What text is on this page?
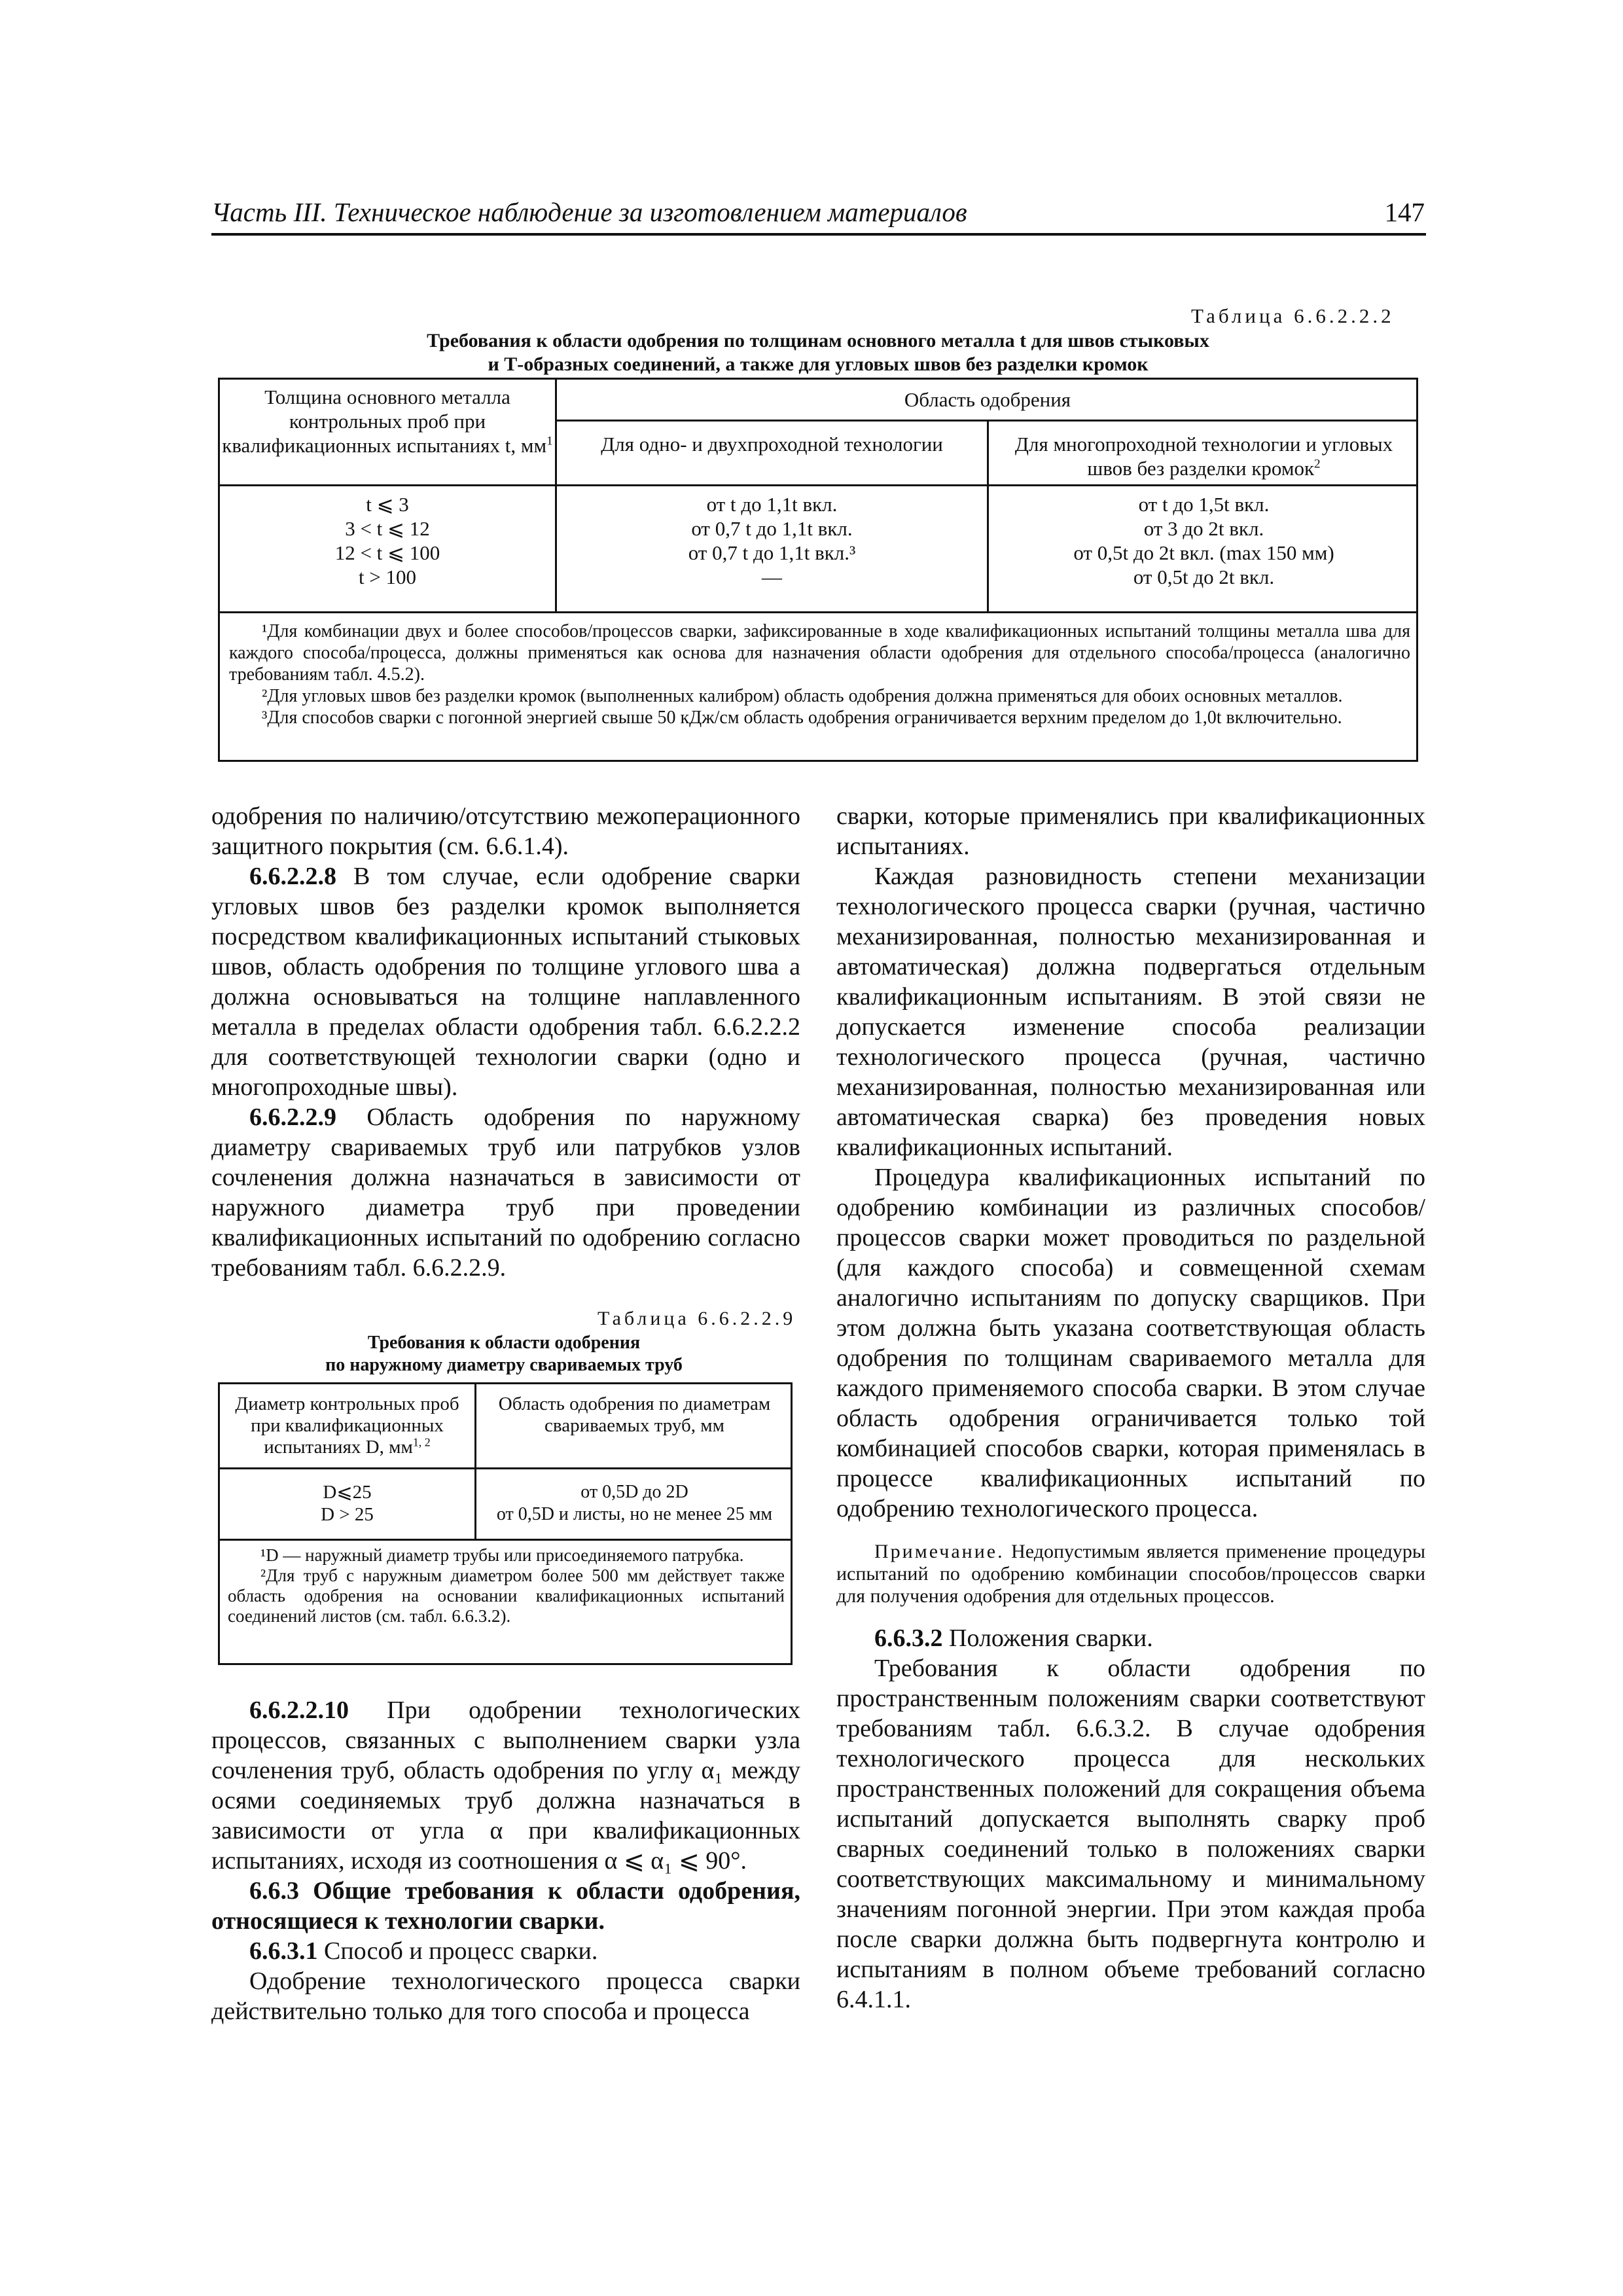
Часть III. Техническое наблюдение за изготовлением материалов	147
Таблица 6.6.2.2.2
Требования к области одобрения по толщинам основного металла t для швов стыковых
и Т-образных соединений, а также для угловых швов без разделки кромок
Толщина основного металла контрольных проб при квалификационных испытаниях t, $мм^1$
Область одобрения
Для одно- и двухпроходной технологии	Для многопроходной технологии и угловых швов без разделки кромок$^2$
t ⩽ 3
3 < t ⩽ 12
12 < t ⩽ 100
t > 100
от t до 1,1t вкл.
от 0,7 t до 1,1t вкл.
от 0,7 t до 1,1t вкл.³
—
от t до 1,5t вкл.
от 3 до 2t вкл.
от 0,5t до 2t вкл. (max 150 мм)
от 0,5t до 2t вкл.

¹Для комбинации двух и более способов/процессов сварки, зафиксированные в ходе квалификационных испытаний толщины металла шва для каждого способа/процесса, должны применяться как основа для назначения области одобрения для отдельного способа/процесса (аналогично требованиям табл. 4.5.2).

²Для угловых швов без разделки кромок (выполненных калибром) область одобрения должна применяться для обоих основных металлов.

³Для способов сварки с погонной энергией свыше 50 кДж/см область одобрения ограничивается верхним пределом до 1,0t включительно.

одобрения по наличию/отсутствию межоперационного защитного покрытия (см. 6.6.1.4).

6.6.2.2.8 В том случае, если одобрение сварки угловых швов без разделки кромок выполняется посредством квалификационных испытаний стыковых швов, область одобрения по толщине углового шва a должна основываться на толщине наплавленного металла в пределах области одобрения табл. 6.6.2.2.2 для соответствующей технологии сварки (одно и многопроходные швы).

6.6.2.2.9 Область одобрения по наружному диаметру свариваемых труб или патрубков узлов сочленения должна назначаться в зависимости от наружного диаметра труб при проведении квалификационных испытаний по одобрению согласно требованиям табл. 6.6.2.2.9.

Таблица 6.6.2.2.9
Требования к области одобрения
по наружному диаметру свариваемых труб
Диаметр контрольных проб при квалификационных испытаниях D, мм$^{1, 2}$
Область одобрения по диаметрам свариваемых труб, мм
D⩽25
D > 25
от 0,5D до 2D
от 0,5D и листы, но не менее 25 мм

¹D — наружный диаметр трубы или присоединяемого патрубка.

²Для труб с наружным диаметром более 500 мм действует также область одобрения на основании квалификационных испытаний соединений листов (см. табл. 6.6.3.2).

6.6.2.2.10 При одобрении технологических процессов, связанных с выполнением сварки узла сочленения труб, область одобрения по углу α₁ между осями соединяемых труб должна назначаться в зависимости от угла α при квалификационных испытаниях, исходя из соотношения α ⩽ α₁ ⩽ 90°.

6.6.3 Общие требования к области одобрения, относящиеся к технологии сварки.

6.6.3.1 Способ и процесс сварки.

Одобрение технологического процесса сварки действительно только для того способа и процесса

сварки, которые применялись при квалификационных испытаниях.

Каждая разновидность степени механизации технологического процесса сварки (ручная, частично механизированная, полностью механизированная и автоматическая) должна подвергаться отдельным квалификационным испытаниям. В этой связи не допускается изменение способа реализации технологического процесса (ручная, частично механизированная, полностью механизированная или автоматическая сварка) без проведения новых квалификационных испытаний.

Процедура квалификационных испытаний по одобрению комбинации из различных способов/процессов сварки может проводиться по раздельной (для каждого способа) и совмещенной схемам аналогично испытаниям по допуску сварщиков. При этом должна быть указана соответствующая область одобрения по толщинам свариваемого металла для каждого применяемого способа сварки. В этом случае область одобрения ограничивается только той комбинацией способов сварки, которая применялась в процессе квалификационных испытаний по одобрению технологического процесса.

Примечание. Недопустимым является применение процедуры испытаний по одобрению комбинации способов/процессов сварки для получения одобрения для отдельных процессов.

6.6.3.2 Положения сварки.

Требования к области одобрения по пространственным положениям сварки соответствуют требованиям табл. 6.6.3.2. В случае одобрения технологического процесса для нескольких пространственных положений для сокращения объема испытаний допускается выполнять сварку проб сварных соединений только в положениях сварки соответствующих максимальному и минимальному значениям погонной энергии. При этом каждая проба после сварки должна быть подвергнута контролю и испытаниям в полном объеме требований согласно 6.4.1.1.
